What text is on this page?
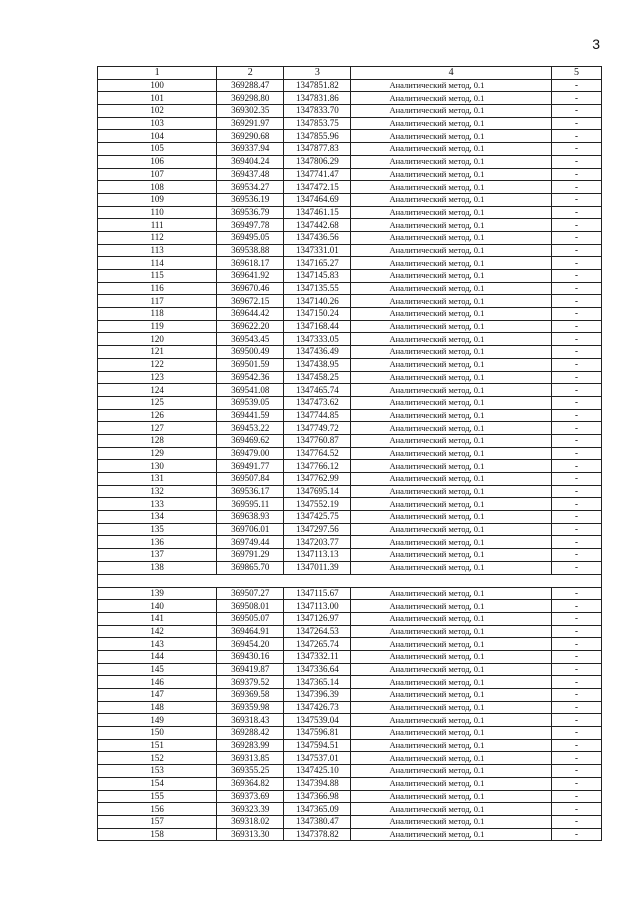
3
1	2	3	4	5
100	369288.47	1347851.82	Аналитический метод, 0.1	-
101	369298.80	1347831.86	Аналитический метод, 0.1	-
102	369302.35	1347833.70	Аналитический метод, 0.1	-
103	369291.97	1347853.75	Аналитический метод, 0.1	-
104	369290.68	1347855.96	Аналитический метод, 0.1	-
105	369337.94	1347877.83	Аналитический метод, 0.1	-
106	369404.24	1347806.29	Аналитический метод, 0.1	-
107	369437.48	1347741.47	Аналитический метод, 0.1	-
108	369534.27	1347472.15	Аналитический метод, 0.1	-
109	369536.19	1347464.69	Аналитический метод, 0.1	-
110	369536.79	1347461.15	Аналитический метод, 0.1	-
111	369497.78	1347442.68	Аналитический метод, 0.1	-
112	369495.05	1347436.56	Аналитический метод, 0.1	-
113	369538.88	1347331.01	Аналитический метод, 0.1	-
114	369618.17	1347165.27	Аналитический метод, 0.1	-
115	369641.92	1347145.83	Аналитический метод, 0.1	-
116	369670.46	1347135.55	Аналитический метод, 0.1	-
117	369672.15	1347140.26	Аналитический метод, 0.1	-
118	369644.42	1347150.24	Аналитический метод, 0.1	-
119	369622.20	1347168.44	Аналитический метод, 0.1	-
120	369543.45	1347333.05	Аналитический метод, 0.1	-
121	369500.49	1347436.49	Аналитический метод, 0.1	-
122	369501.59	1347438.95	Аналитический метод, 0.1	-
123	369542.36	1347458.25	Аналитический метод, 0.1	-
124	369541.08	1347465.74	Аналитический метод, 0.1	-
125	369539.05	1347473.62	Аналитический метод, 0.1	-
126	369441.59	1347744.85	Аналитический метод, 0.1	-
127	369453.22	1347749.72	Аналитический метод, 0.1	-
128	369469.62	1347760.87	Аналитический метод, 0.1	-
129	369479.00	1347764.52	Аналитический метод, 0.1	-
130	369491.77	1347766.12	Аналитический метод, 0.1	-
131	369507.84	1347762.99	Аналитический метод, 0.1	-
132	369536.17	1347695.14	Аналитический метод, 0.1	-
133	369595.11	1347552.19	Аналитический метод, 0.1	-
134	369638.93	1347425.75	Аналитический метод, 0.1	-
135	369706.01	1347297.56	Аналитический метод, 0.1	-
136	369749.44	1347203.77	Аналитический метод, 0.1	-
137	369791.29	1347113.13	Аналитический метод, 0.1	-
138	369865.70	1347011.39	Аналитический метод, 0.1	-

139	369507.27	1347115.67	Аналитический метод, 0.1	-
140	369508.01	1347113.00	Аналитический метод, 0.1	-
141	369505.07	1347126.97	Аналитический метод, 0.1	-
142	369464.91	1347264.53	Аналитический метод, 0.1	-
143	369454.20	1347265.74	Аналитический метод, 0.1	-
144	369430.16	1347332.11	Аналитический метод, 0.1	-
145	369419.87	1347336.64	Аналитический метод, 0.1	-
146	369379.52	1347365.14	Аналитический метод, 0.1	-
147	369369.58	1347396.39	Аналитический метод, 0.1	-
148	369359.98	1347426.73	Аналитический метод, 0.1	-
149	369318.43	1347539.04	Аналитический метод, 0.1	-
150	369288.42	1347596.81	Аналитический метод, 0.1	-
151	369283.99	1347594.51	Аналитический метод, 0.1	-
152	369313.85	1347537.01	Аналитический метод, 0.1	-
153	369355.25	1347425.10	Аналитический метод, 0.1	-
154	369364.82	1347394.88	Аналитический метод, 0.1	-
155	369373.69	1347366.98	Аналитический метод, 0.1	-
156	369323.39	1347365.09	Аналитический метод, 0.1	-
157	369318.02	1347380.47	Аналитический метод, 0.1	-
158	369313.30	1347378.82	Аналитический метод, 0.1	-
